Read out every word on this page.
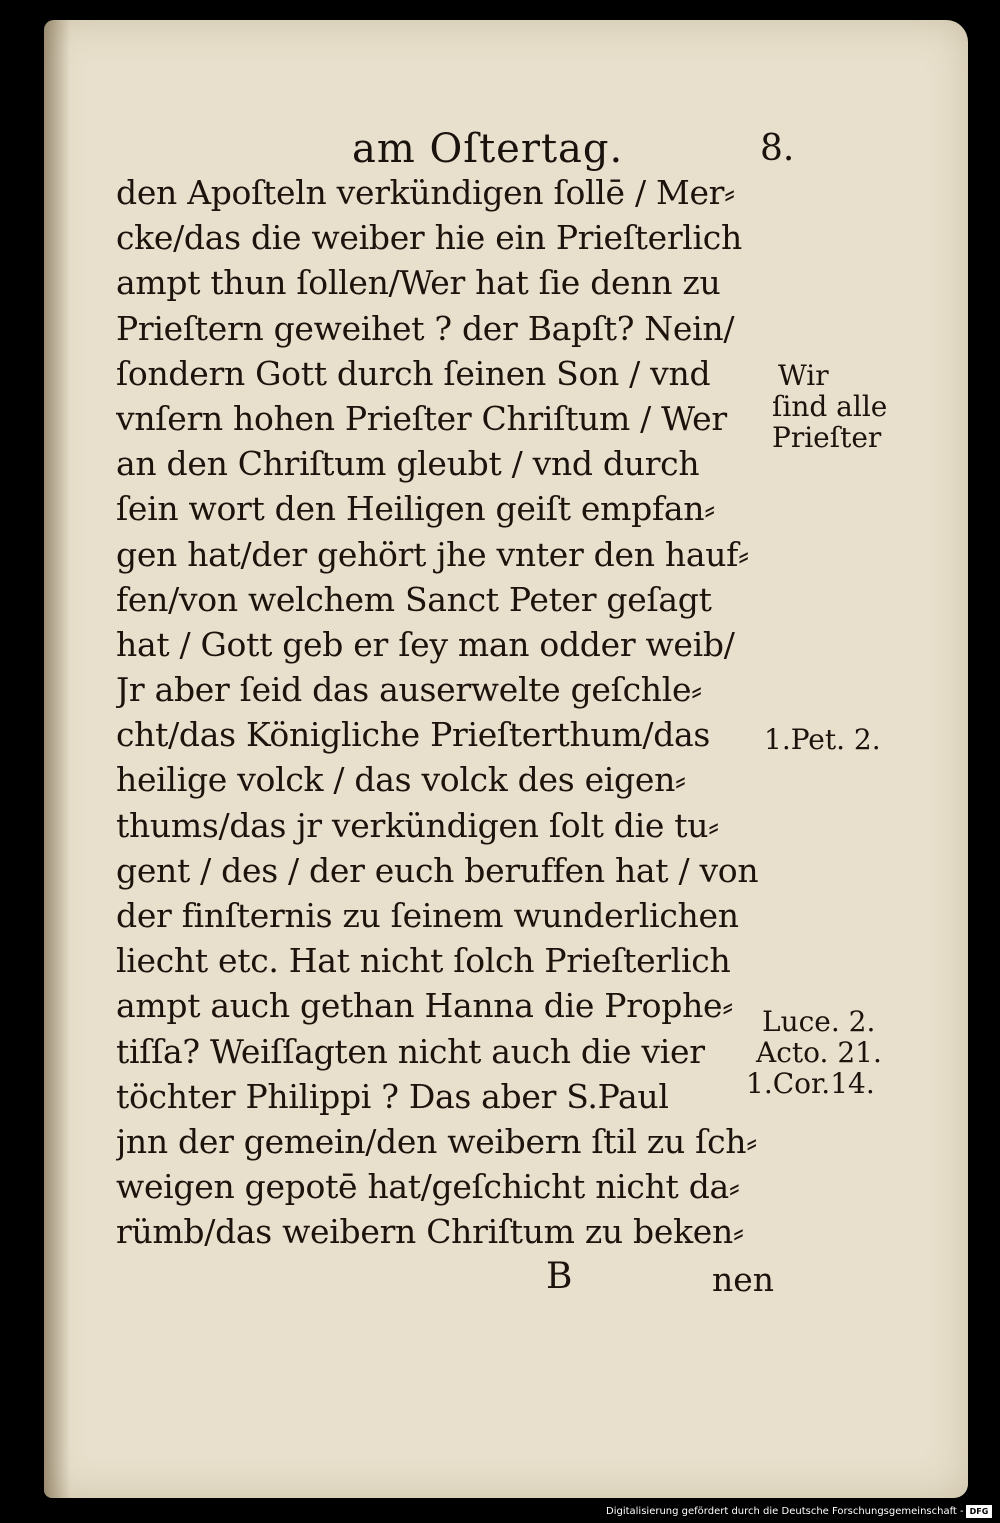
am Oſtertag.	8.
den Apoſteln verkündigen ſollē / Mer⸗
cke/das die weiber hie ein Prieſterlich
ampt thun ſollen/Wer hat ſie denn zu
Prieſtern geweihet ? der Bapſt? Nein/
ſondern Gott durch ſeinen Son / vnd
vnſern hohen Prieſter Chriſtum / Wer
an den Chriſtum gleubt / vnd durch
ſein wort den Heiligen geiſt empfan⸗
gen hat/der gehört jhe vnter den hauf⸗
fen/von welchem Sanct Peter geſagt
hat / Gott geb er ſey man odder weib/
Jr aber ſeid das auserwelte geſchle⸗
cht/das Königliche Prieſterthum/das
heilige volck / das volck des eigen⸗
thums/das jr verkündigen ſolt die tu⸗
gent / des / der euch beruffen hat / von
der finſternis zu ſeinem wunderlichen
liecht etc. Hat nicht ſolch Prieſterlich
ampt auch gethan Hanna die Prophe⸗
tiſſa? Weiſſagten nicht auch die vier
töchter Philippi ? Das aber S.Paul
jnn der gemein/den weibern ſtil zu ſch⸗
weigen gepotē hat/geſchicht nicht da⸗
rümb/das weibern Chriſtum zu beken⸗
Wir
ſind alle
Prieſter
1.Pet. 2.
Luce. 2.
Acto. 21.
1.Cor.14.
B	nen
Digitalisierung gefördert durch die Deutsche Forschungsgemeinschaft - DFG
